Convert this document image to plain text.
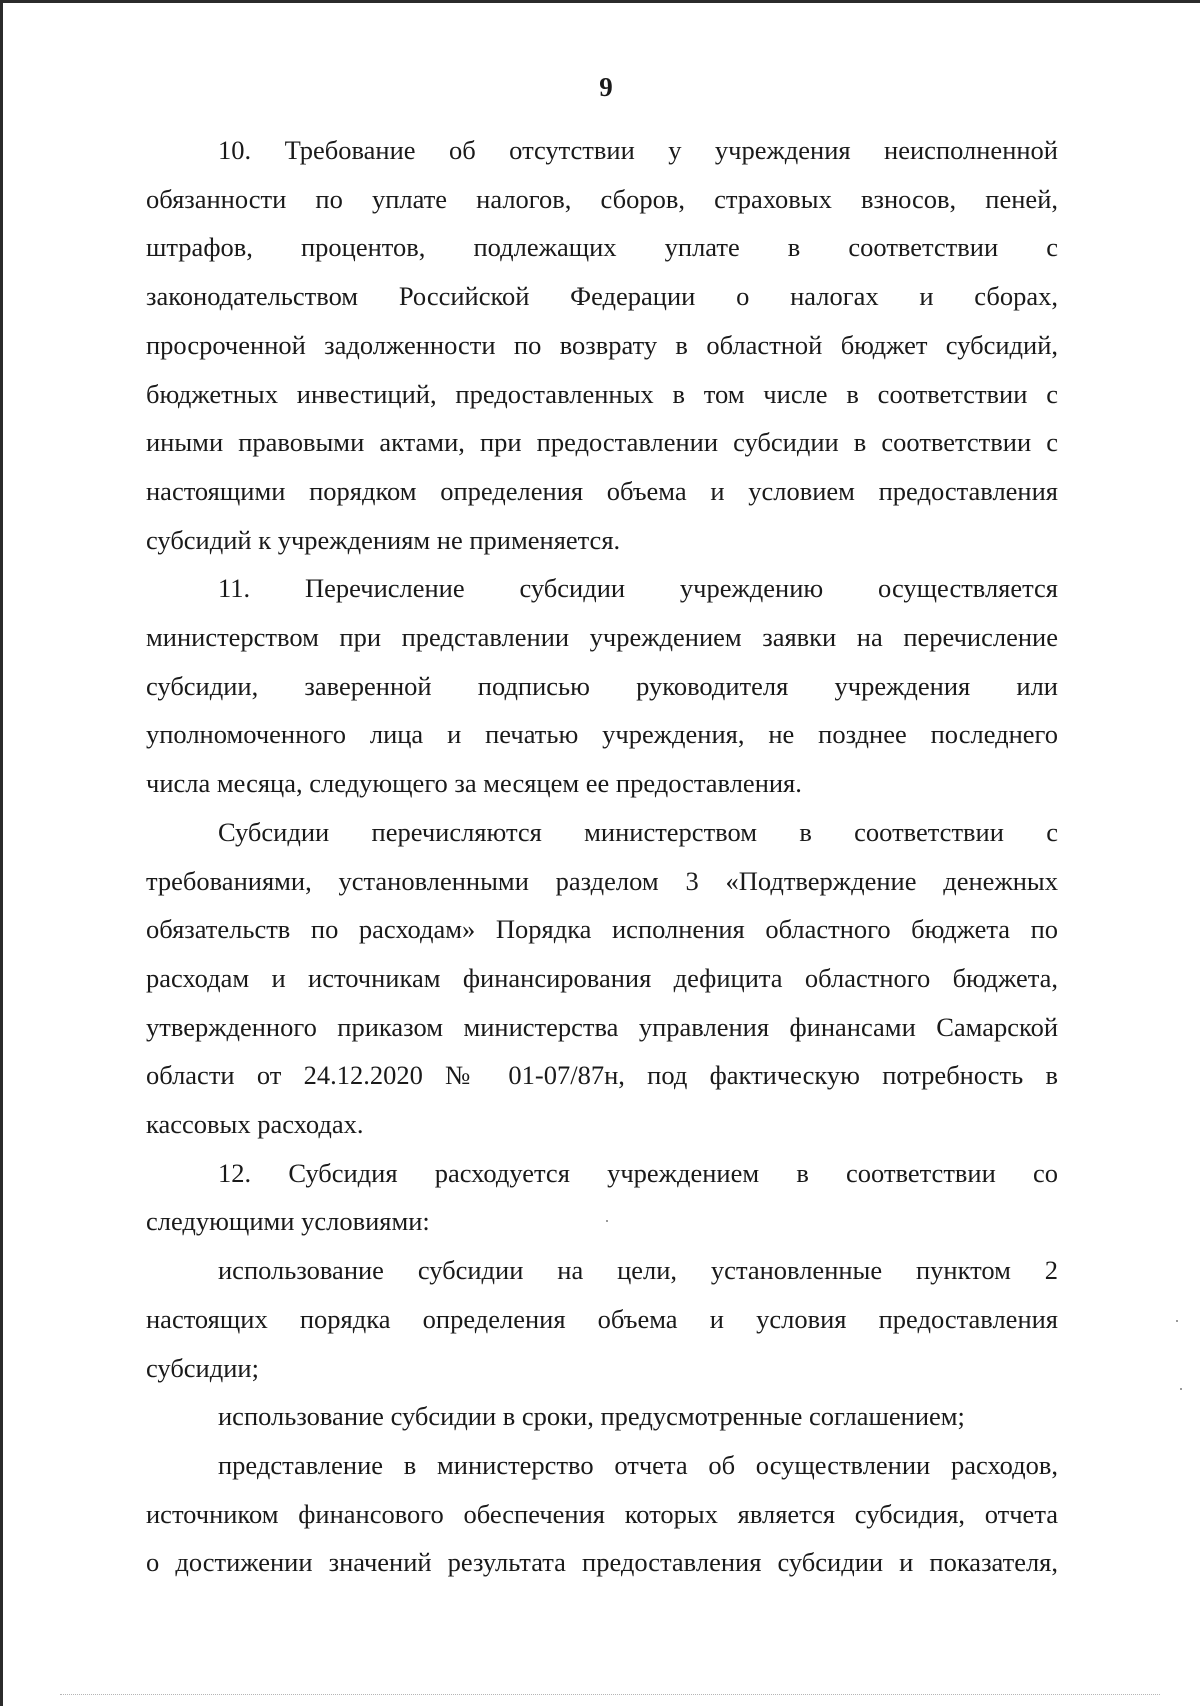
9
10. Требование об отсутствии у учреждения неисполненной
обязанности по уплате налогов, сборов, страховых взносов, пеней,
штрафов, процентов, подлежащих уплате в соответствии с
законодательством Российской Федерации о налогах и сборах,
просроченной задолженности по возврату в областной бюджет субсидий,
бюджетных инвестиций, предоставленных в том числе в соответствии с
иными правовыми актами, при предоставлении субсидии в соответствии с
настоящими порядком определения объема и условием предоставления
субсидий к учреждениям не применяется.
11. Перечисление субсидии учреждению осуществляется
министерством при представлении учреждением заявки на перечисление
субсидии, заверенной подписью руководителя учреждения или
уполномоченного лица и печатью учреждения, не позднее последнего
числа месяца, следующего за месяцем ее предоставления.
Субсидии перечисляются министерством в соответствии с
требованиями, установленными разделом 3 «Подтверждение денежных
обязательств по расходам» Порядка исполнения областного бюджета по
расходам и источникам финансирования дефицита областного бюджета,
утвержденного приказом министерства управления финансами Самарской
области от 24.12.2020 № 01-07/87н, под фактическую потребность в
кассовых расходах.
12. Субсидия расходуется учреждением в соответствии со
следующими условиями:
использование субсидии на цели, установленные пунктом 2
настоящих порядка определения объема и условия предоставления
субсидии;
использование субсидии в сроки, предусмотренные соглашением;
представление в министерство отчета об осуществлении расходов,
источником финансового обеспечения которых является субсидия, отчета
о достижении значений результата предоставления субсидии и показателя,
